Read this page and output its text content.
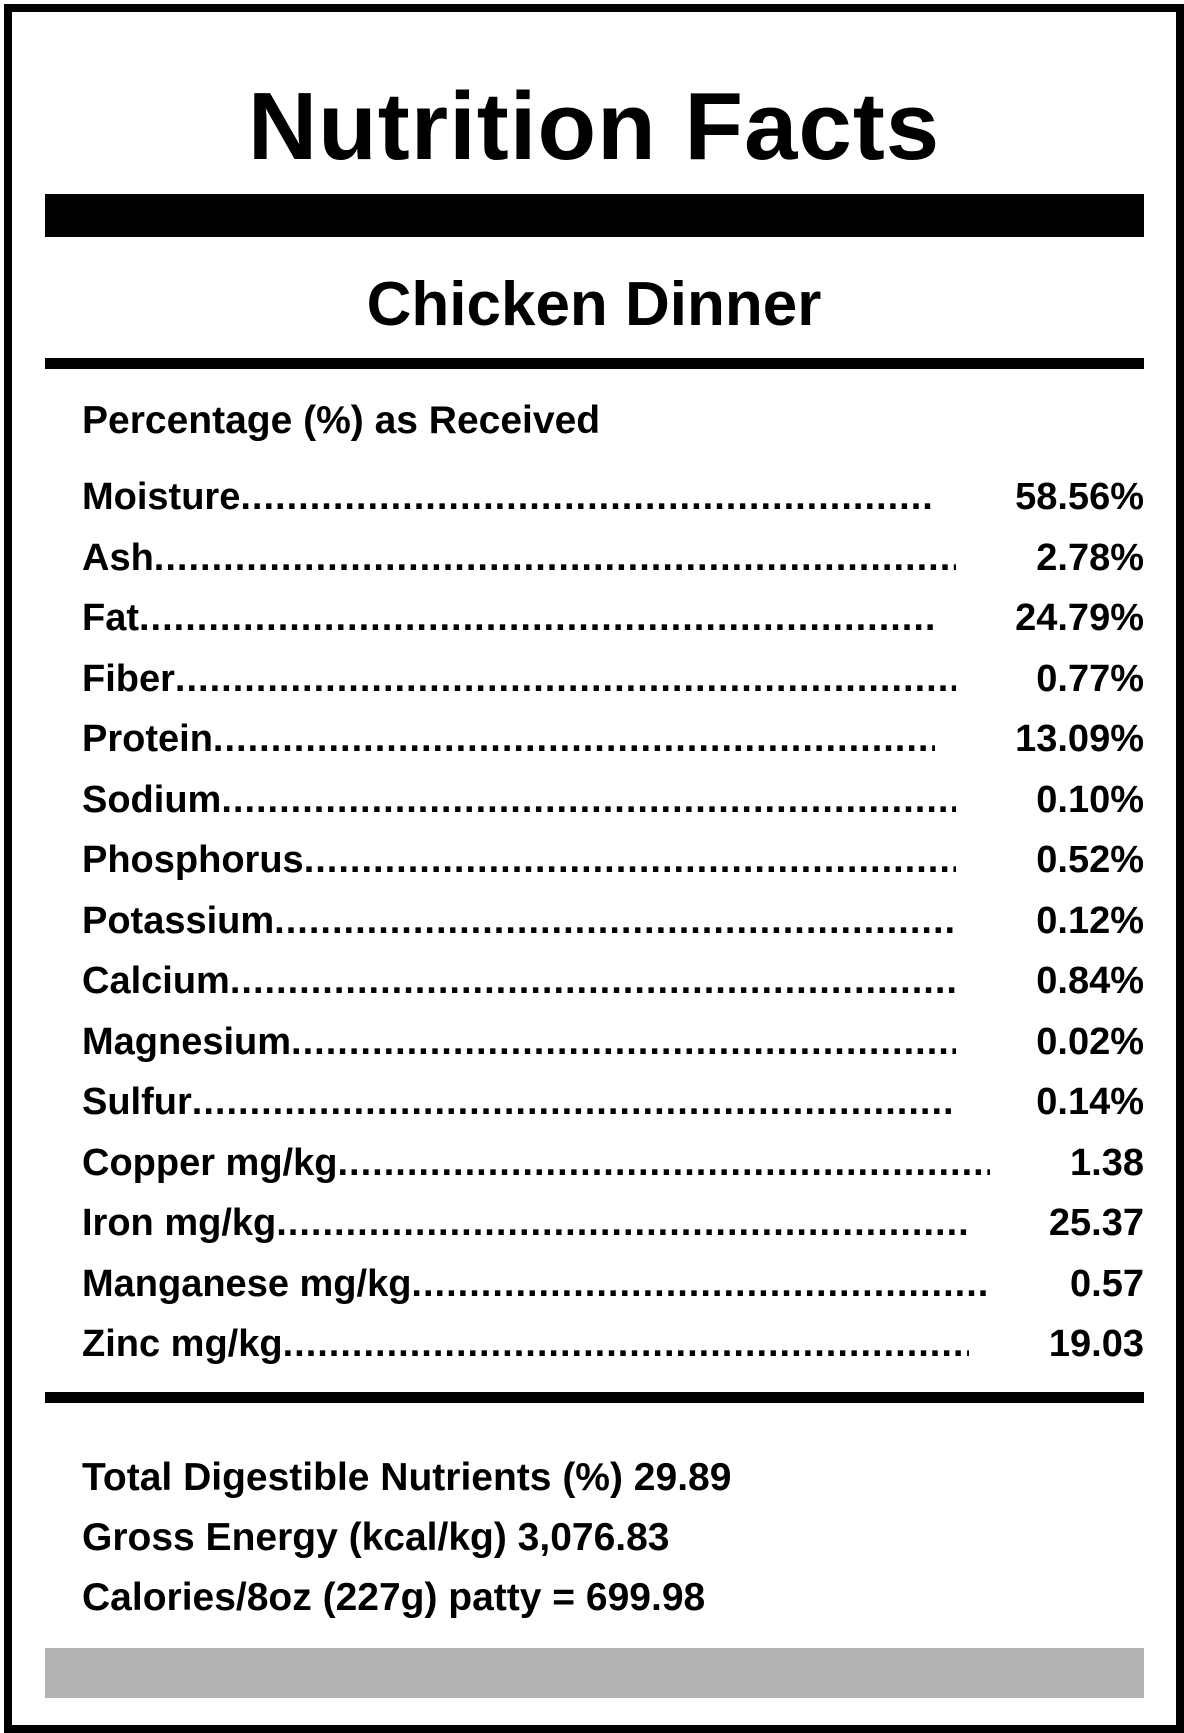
Nutrition Facts
Chicken Dinner
Percentage (%) as Received
Moisture .....	58.56%
Ash .....	2.78%
Fat .....	24.79%
Fiber .....	0.77%
Protein .....	13.09%
Sodium .....	0.10%
Phosphorus .....	0.52%
Potassium .....	0.12%
Calcium .....	0.84%
Magnesium .....	0.02%
Sulfur .....	0.14%
Copper mg/kg .....	1.38
Iron mg/kg .....	25.37
Manganese mg/kg .....	0.57
Zinc mg/kg .....	19.03
Total Digestible Nutrients (%) 29.89
Gross Energy (kcal/kg) 3,076.83
Calories/8oz (227g) patty = 699.98
